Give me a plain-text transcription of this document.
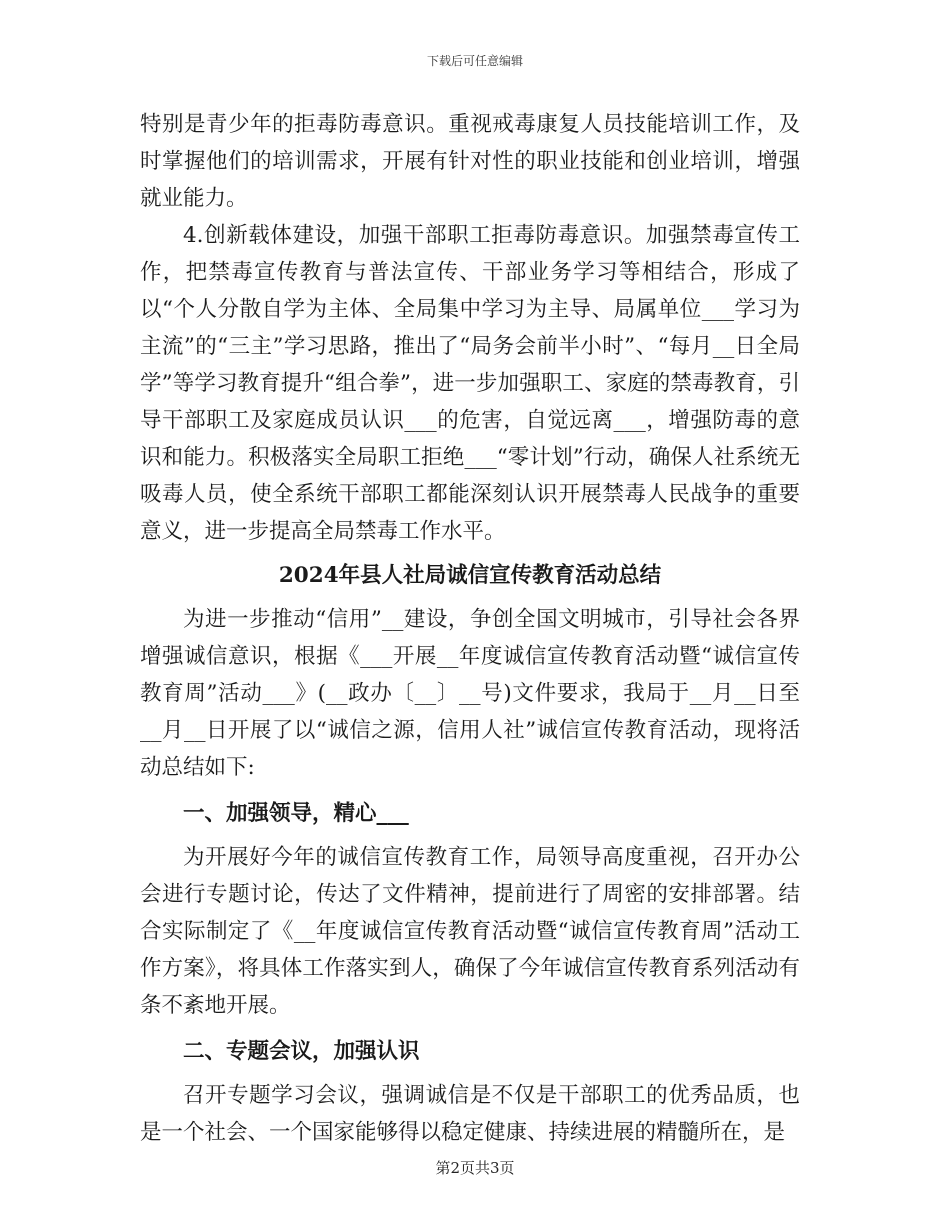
下载后可任意编辑

特别是青少年的拒毒防毒意识。重视戒毒康复人员技能培训工作，及时掌握他们的培训需求，开展有针对性的职业技能和创业培训，增强就业能力。

4.创新载体建设，加强干部职工拒毒防毒意识。加强禁毒宣传工作，把禁毒宣传教育与普法宣传、干部业务学习等相结合，形成了以“个人分散自学为主体、全局集中学习为主导、局属单位___学习为主流”的“三主”学习思路，推出了“局务会前半小时”、“每月__日全局学”等学习教育提升“组合拳”，进一步加强职工、家庭的禁毒教育，引导干部职工及家庭成员认识___的危害，自觉远离___，增强防毒的意识和能力。积极落实全局职工拒绝___“零计划”行动，确保人社系统无吸毒人员，使全系统干部职工都能深刻认识开展禁毒人民战争的重要意义，进一步提高全局禁毒工作水平。

2024年县人社局诚信宣传教育活动总结

为进一步推动“信用”__建设，争创全国文明城市，引导社会各界增强诚信意识，根据《___开展__年度诚信宣传教育活动暨“诚信宣传教育周”活动___》(__政办〔__〕__号)文件要求，我局于__月__日至__月__日开展了以“诚信之源，信用人社”诚信宣传教育活动，现将活动总结如下:

一、加强领导，精心___

为开展好今年的诚信宣传教育工作，局领导高度重视，召开办公会进行专题讨论，传达了文件精神，提前进行了周密的安排部署。结合实际制定了《__年度诚信宣传教育活动暨“诚信宣传教育周”活动工作方案》，将具体工作落实到人，确保了今年诚信宣传教育系列活动有条不紊地开展。

二、专题会议，加强认识

召开专题学习会议，强调诚信是不仅是干部职工的优秀品质，也是一个社会、一个国家能够得以稳定健康、持续进展的精髓所在，是

第2页共3页
